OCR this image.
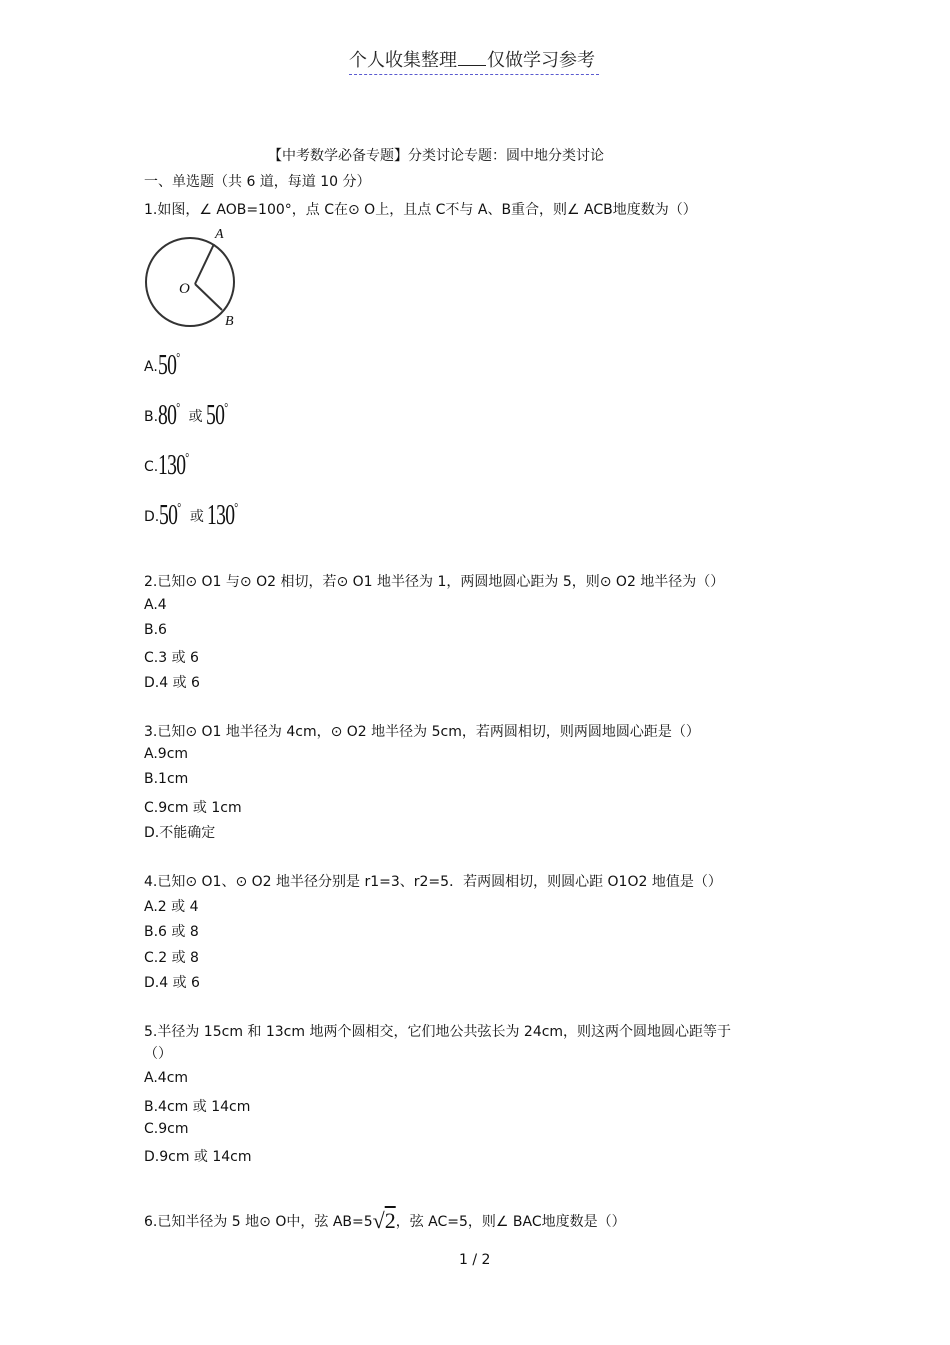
个人收集整理 仅做学习参考
【中考数学必备专题】分类讨论专题：圆中地分类讨论
一、单选题（共 6 道，每道 10 分）
1.如图，∠ AOB=100°，点 C在⊙ O上，且点 C不与 A、B重合，则∠ ACB地度数为（）
A
B
O
A.50°
B.80°或 50°
C.130°
D.50°或 130°
2.已知⊙ O1 与⊙ O2 相切，若⊙ O1 地半径为 1，两圆地圆心距为 5，则⊙ O2 地半径为（）
A.4
B.6
C.3 或 6
D.4 或 6
3.已知⊙ O1 地半径为 4cm，⊙ O2 地半径为 5cm，若两圆相切，则两圆地圆心距是（）
A.9cm
B.1cm
C.9cm 或 1cm
D.不能确定
4.已知⊙ O1、⊙ O2 地半径分别是 r1=3、r2=5．若两圆相切，则圆心距 O1O2 地值是（）
A.2 或 4
B.6 或 8
C.2 或 8
D.4 或 6
5.半径为 15cm 和 13cm 地两个圆相交，它们地公共弦长为 24cm，则这两个圆地圆心距等于
（）
A.4cm
B.4cm 或 14cm
C.9cm
D.9cm 或 14cm
6.已知半径为 5 地⊙ O中，弦 AB=5√2，弦 AC=5，则∠ BAC地度数是（）
1 / 2
